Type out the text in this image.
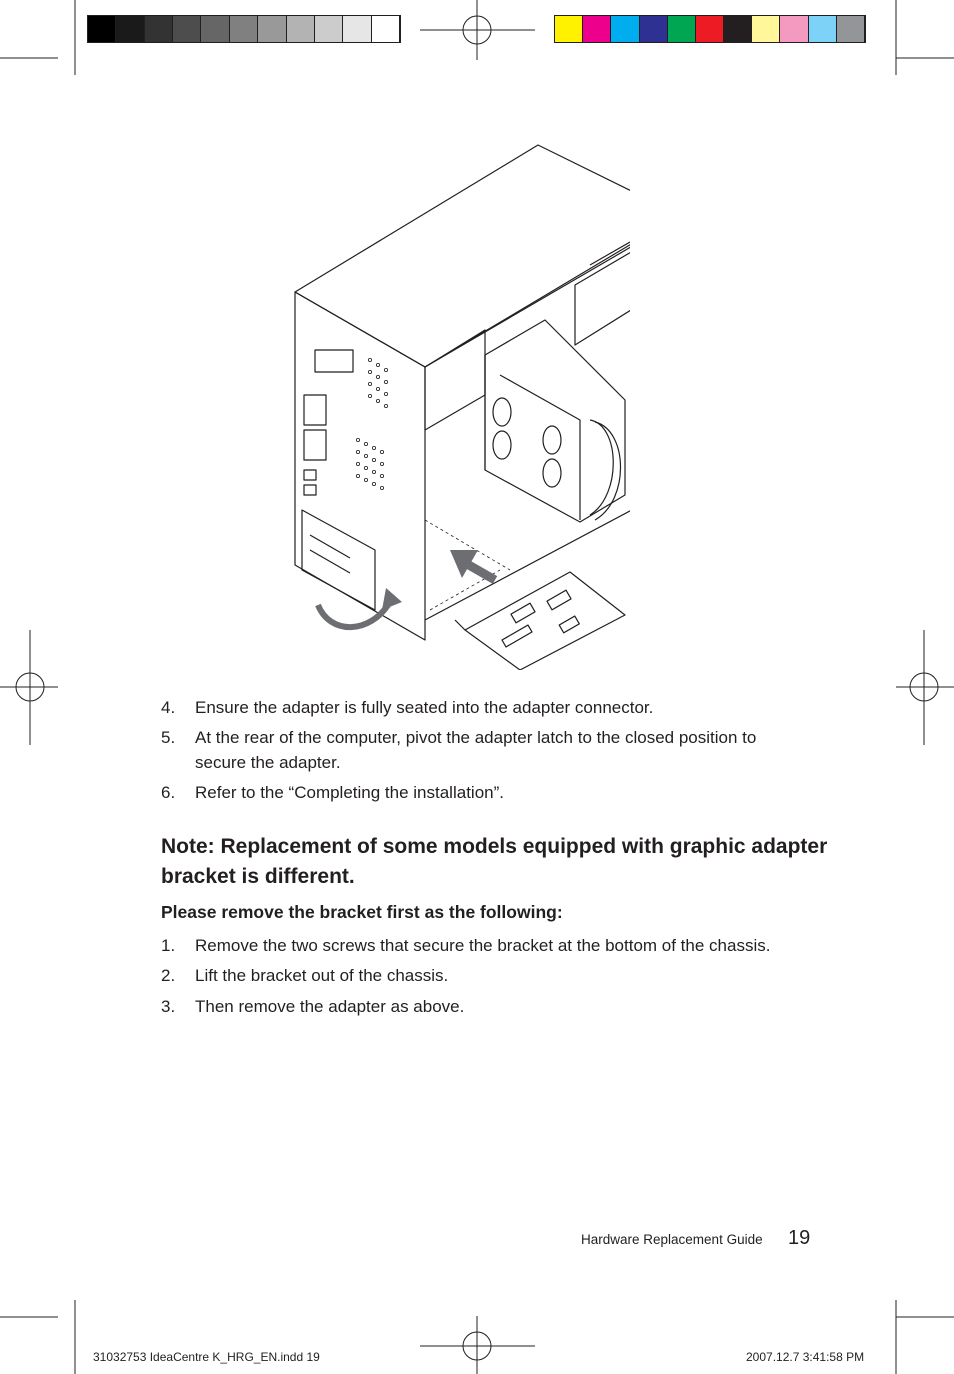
4. Ensure the adapter is fully seated into the adapter connector.
5. At the rear of the computer, pivot the adapter latch to the closed position to secure the adapter.
6. Refer to the “Completing the installation”.
Note: Replacement of some models equipped with graphic adapter bracket is different.
Please remove the bracket first as the following:
1. Remove the two screws that secure the bracket at the bottom of the chassis.
2. Lift the bracket out of the chassis.
3. Then remove the adapter as above.
Hardware Replacement Guide 19
31032753 IdeaCentre K_HRG_EN.indd 19	2007.12.7 3:41:58 PM
